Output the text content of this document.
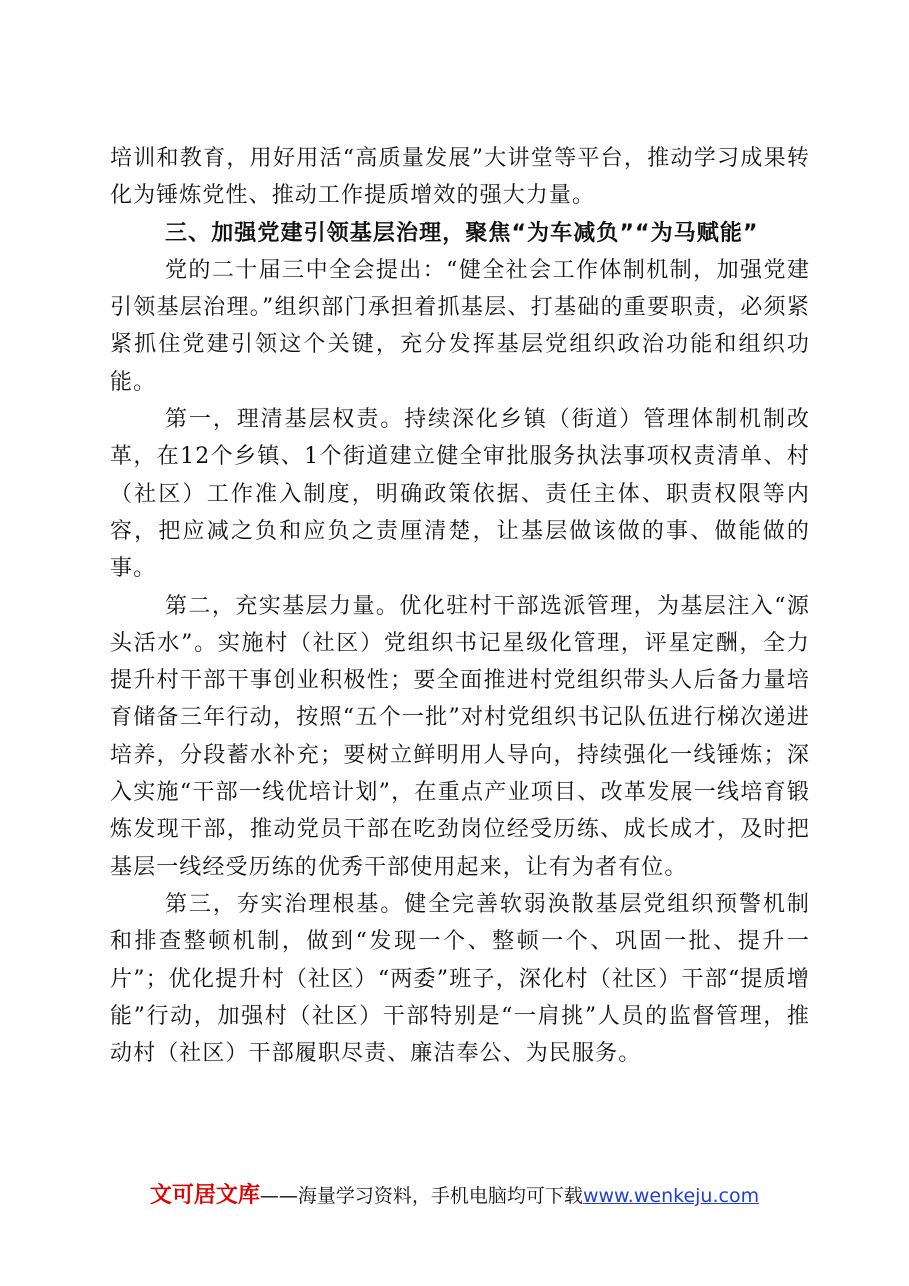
培训和教育，用好用活“高质量发展”大讲堂等平台，推动学习成果转化为锤炼党性、推动工作提质增效的强大力量。

三、加强党建引领基层治理，聚焦“为车减负”“为马赋能”

党的二十届三中全会提出：“健全社会工作体制机制，加强党建引领基层治理。”组织部门承担着抓基层、打基础的重要职责，必须紧紧抓住党建引领这个关键，充分发挥基层党组织政治功能和组织功能。

第一，理清基层权责。持续深化乡镇（街道）管理体制机制改革，在12个乡镇、1个街道建立健全审批服务执法事项权责清单、村（社区）工作准入制度，明确政策依据、责任主体、职责权限等内容，把应减之负和应负之责厘清楚，让基层做该做的事、做能做的事。

第二，充实基层力量。优化驻村干部选派管理，为基层注入“源头活水”。实施村（社区）党组织书记星级化管理，评星定酬，全力提升村干部干事创业积极性；要全面推进村党组织带头人后备力量培育储备三年行动，按照“五个一批”对村党组织书记队伍进行梯次递进培养，分段蓄水补充；要树立鲜明用人导向，持续强化一线锤炼；深入实施“干部一线优培计划”，在重点产业项目、改革发展一线培育锻炼发现干部，推动党员干部在吃劲岗位经受历练、成长成才，及时把基层一线经受历练的优秀干部使用起来，让有为者有位。

第三，夯实治理根基。健全完善软弱涣散基层党组织预警机制和排查整顿机制，做到“发现一个、整顿一个、巩固一批、提升一片”；优化提升村（社区）“两委”班子，深化村（社区）干部“提质增能”行动，加强村（社区）干部特别是“一肩挑”人员的监督管理，推动村（社区）干部履职尽责、廉洁奉公、为民服务。

文可居文库——海量学习资料，手机电脑均可下载www.wenkeju.com
